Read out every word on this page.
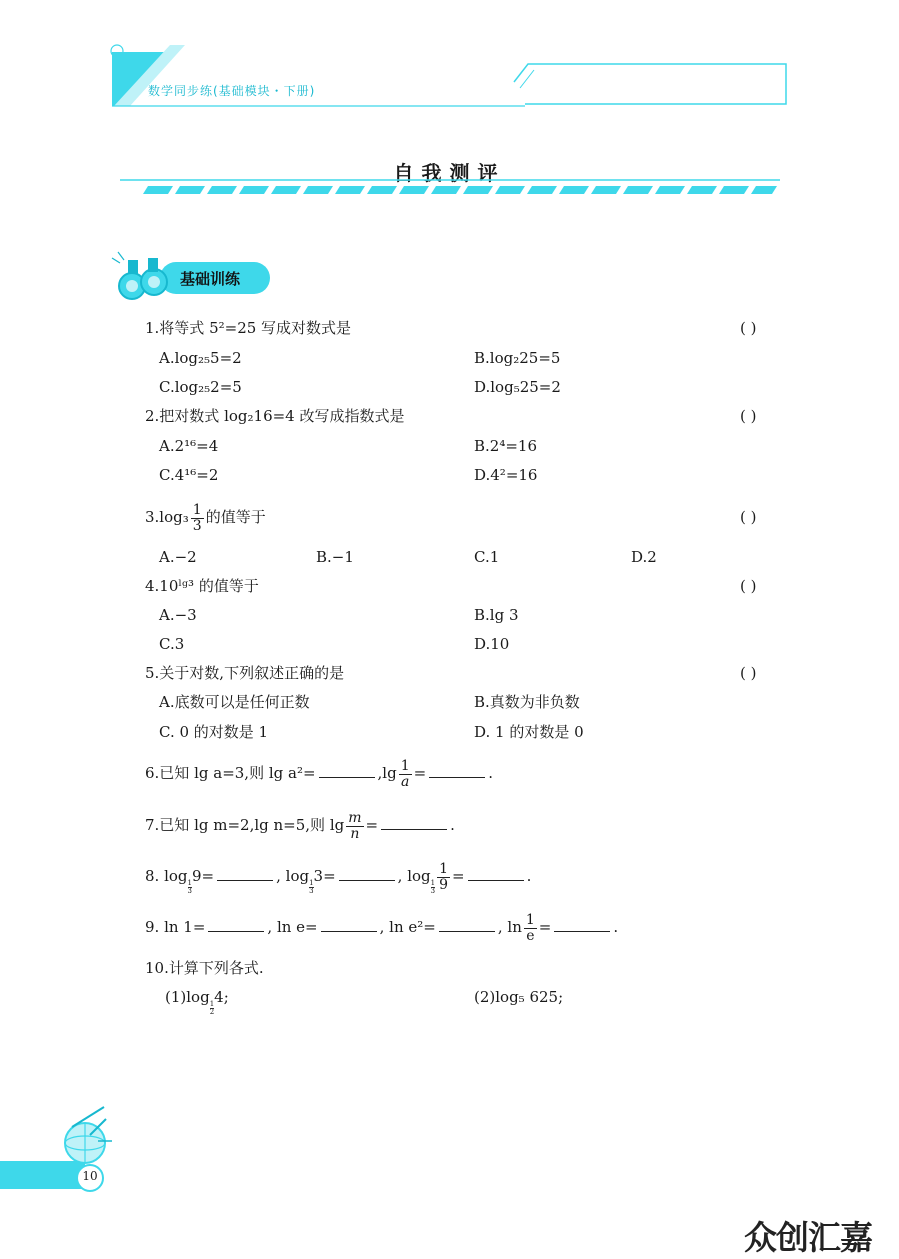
数学同步练(基础模块・下册)
自我测评
基础训练
1.将等式 5²=25 写成对数式是	( )
A.log₂₅5=2	B.log₂25=5
C.log₂₅2=5	D.log₅25=2
2.把对数式 log₂16=4 改写成指数式是	( )
A.2¹⁶=4	B.2⁴=16
C.4¹⁶=2	D.4²=16
$3.\log_3 \frac{1}{3}$ 的值等于	( )
A.−2	B.−1	C.1	D.2
4.10ˡᵍ³ 的值等于	( )
A.−3	B.lg 3
C.3	D.10
5.关于对数,下列叙述正确的是	( )
A.底数可以是任何正数	B.真数为非负数
C. 0 的对数是 1	D. 1 的对数是 0
6.已知 lg a=3,则 lg a²=	$,\lg \frac{1}{a}$ =	.
7.已知 lg m=2,lg n=5,则 $\lg \frac{m}{n}$ =	.
8. log
$\frac{1}{3}$
9=	, log
$\frac{1}{3}$
3=	, log
$\frac{1}{3} \frac{1}{9}$ =	.
9. ln 1=	, ln e=	, ln e²=	, $\ln \frac{1}{e}$ =	.
10.计算下列各式.
(1)log
$\frac{1}{2}$
4;	(2)log₅ 625;
10
众创汇嘉
